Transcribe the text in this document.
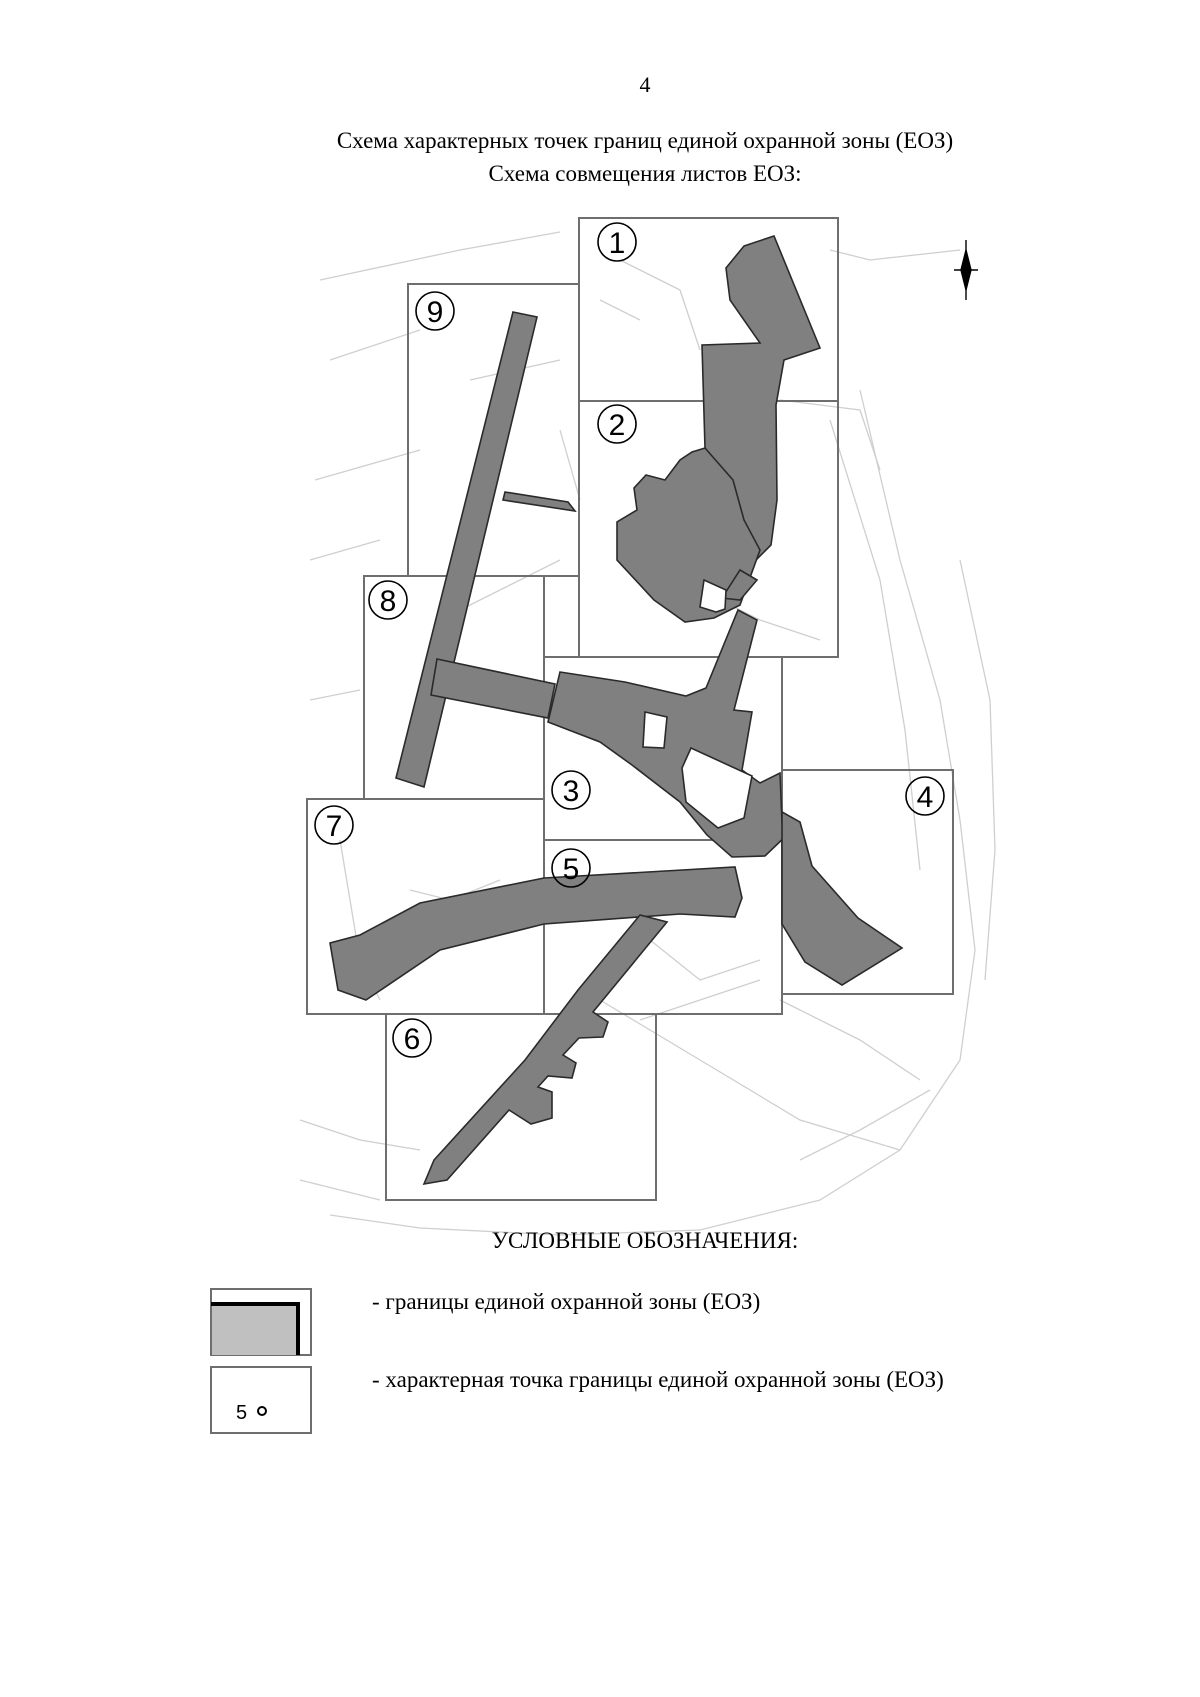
4
Схема характерных точек границ единой охранной зоны (ЕОЗ)
Схема совмещения листов ЕОЗ:
1
2
3	4
5
6
7
8
9
УСЛОВНЫЕ ОБОЗНАЧЕНИЯ:
- границы единой охранной зоны (ЕОЗ)
5
- характерная точка границы единой охранной зоны (ЕОЗ)
